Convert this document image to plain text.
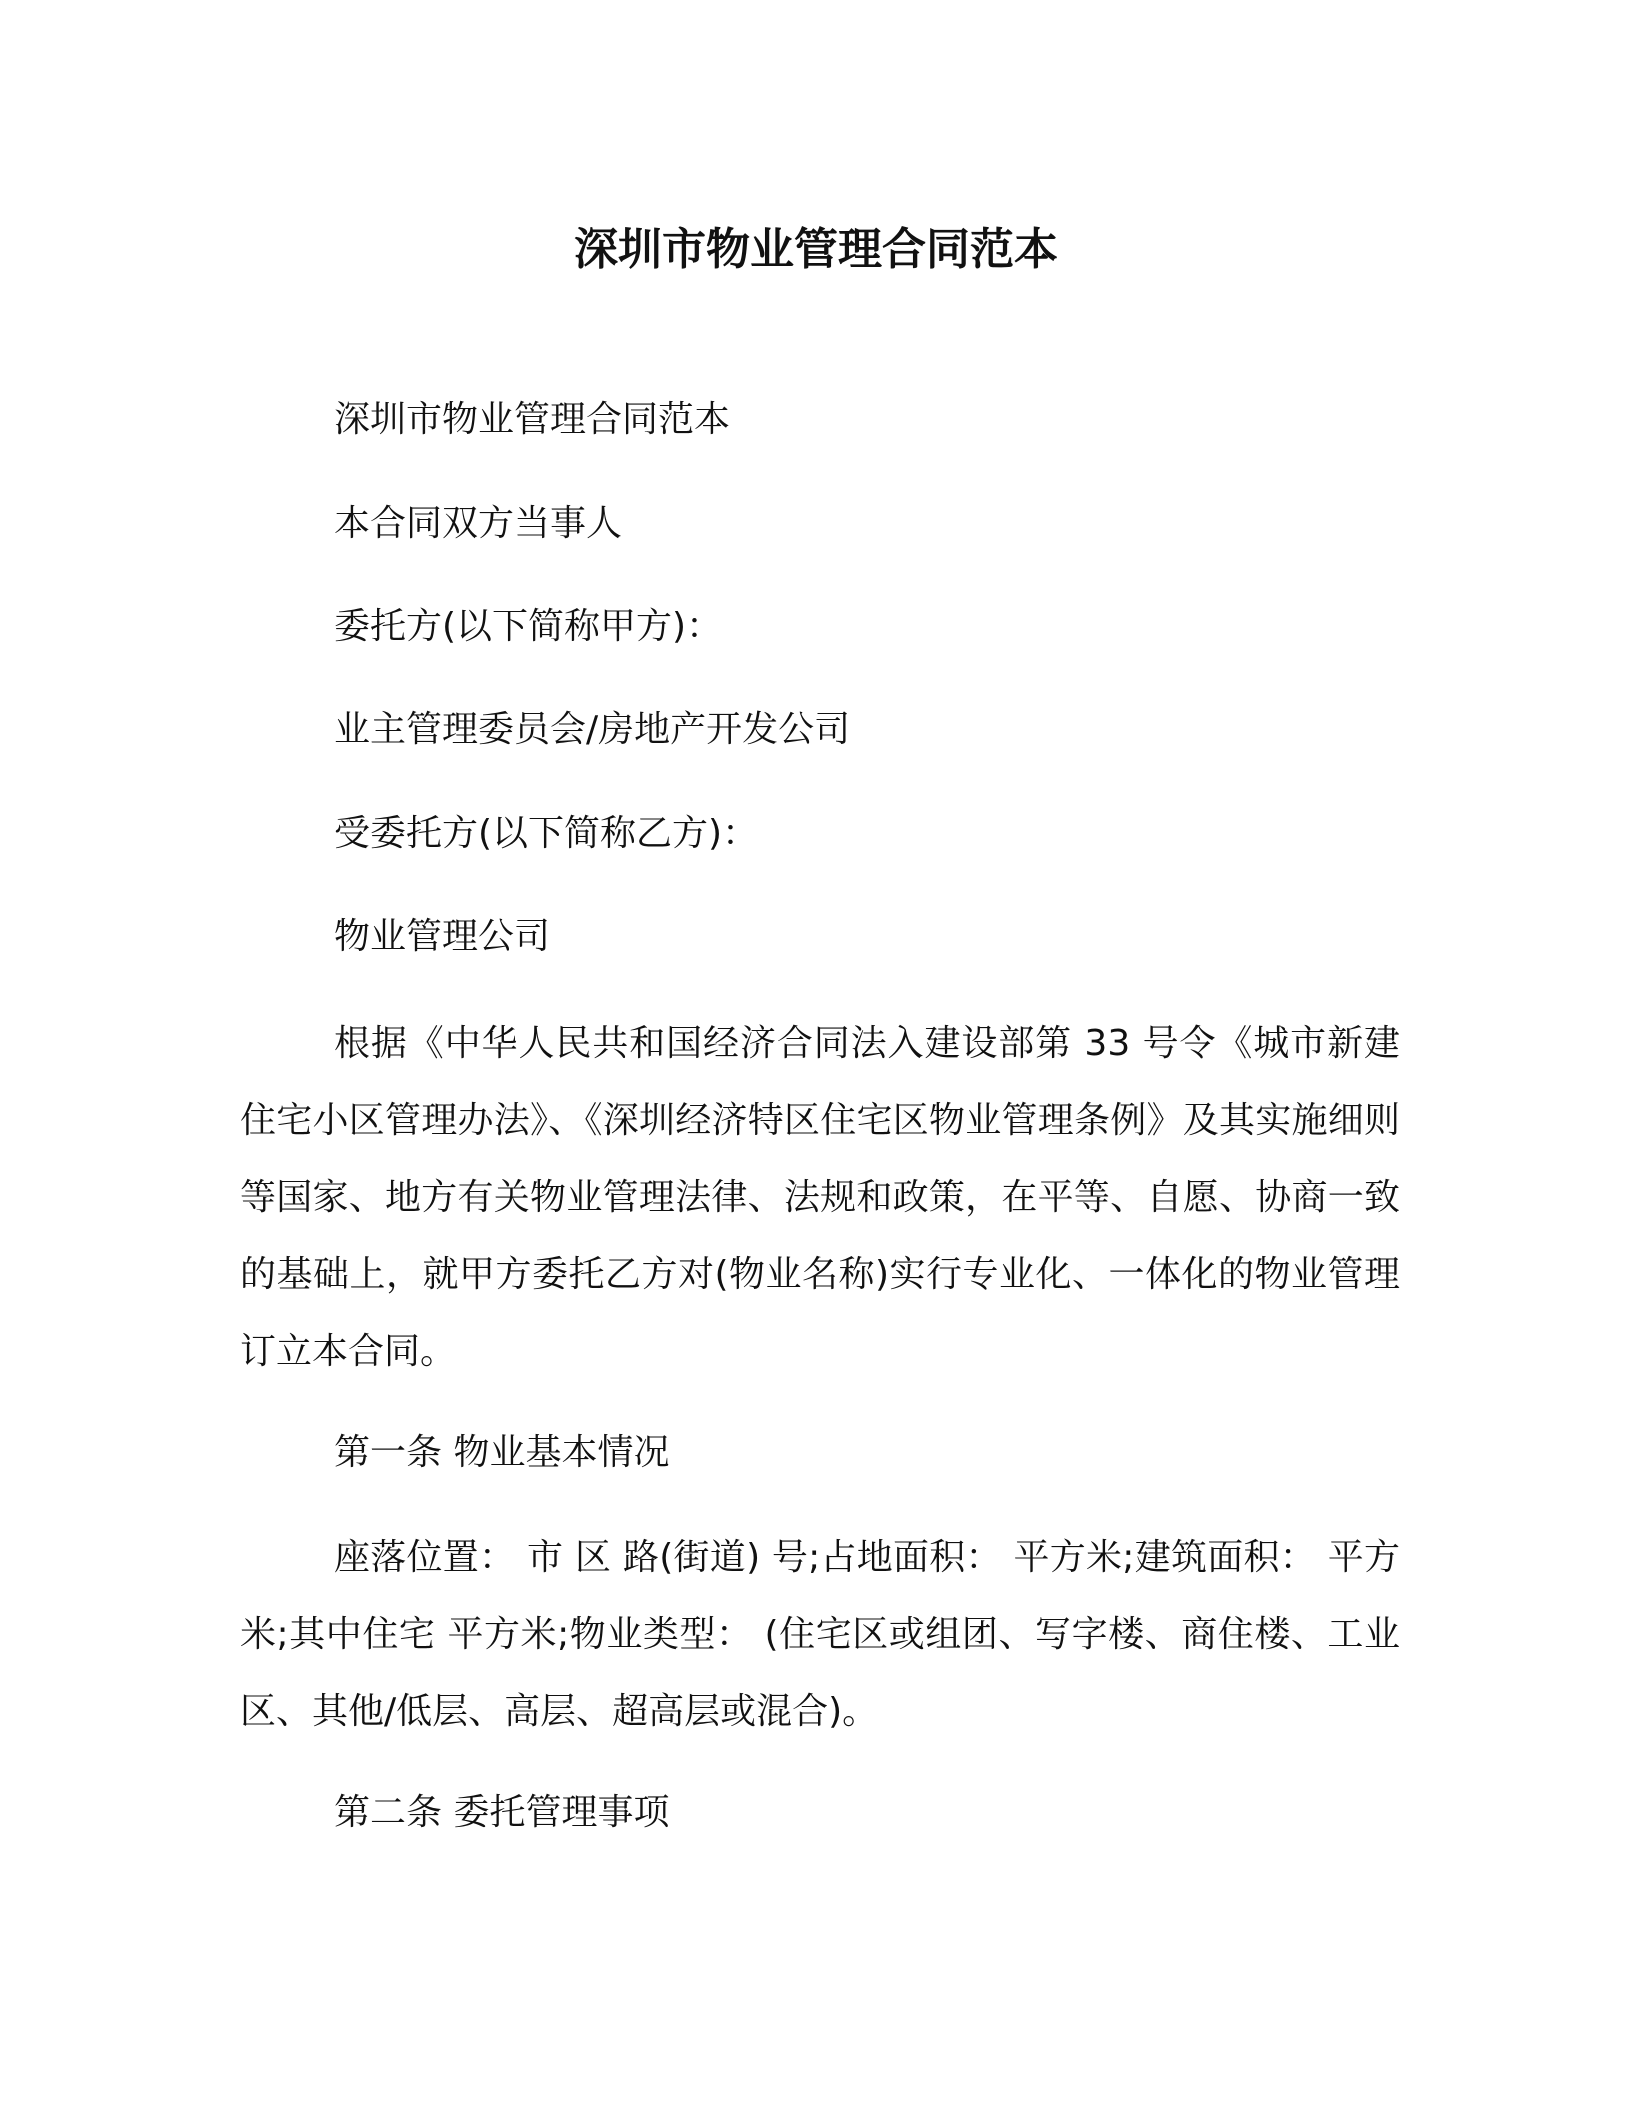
深圳市物业管理合同范本
深圳市物业管理合同范本
本合同双方当事人
委托方(以下简称甲方)：
业主管理委员会/房地产开发公司
受委托方(以下简称乙方)：
物业管理公司
根据《中华人民共和国经济合同法入建设部第 33 号令《城市新建住宅小区管理办法》、《深圳经济特区住宅区物业管理条例》及其实施细则等国家、地方有关物业管理法律、法规和政策，在平等、自愿、协商一致的基础上，就甲方委托乙方对(物业名称)实行专业化、一体化的物业管理订立本合同。
第一条 物业基本情况
座落位置： 市 区 路(街道) 号;占地面积： 平方米;建筑面积： 平方米;其中住宅 平方米;物业类型： (住宅区或组团、写字楼、商住楼、工业区、其他/低层、高层、超高层或混合)。
第二条 委托管理事项
